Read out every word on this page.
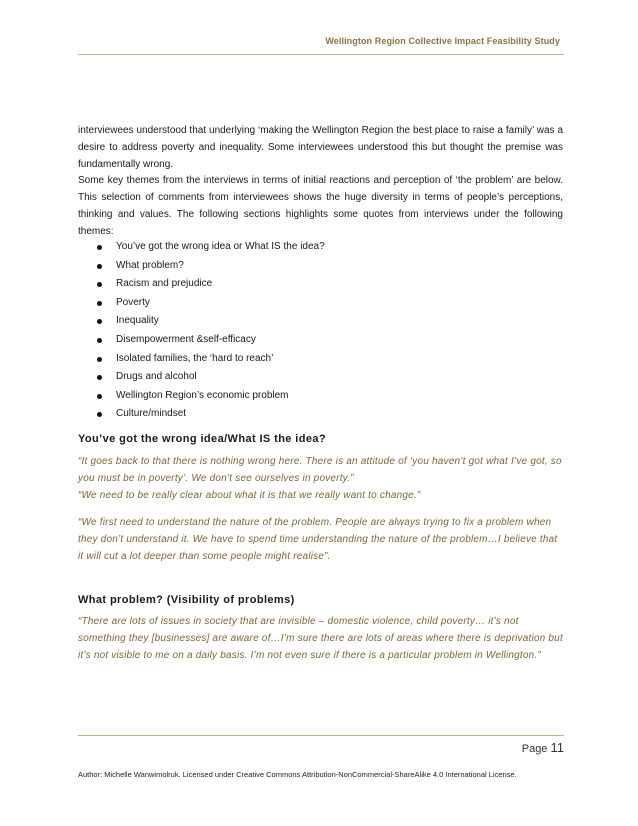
Wellington Region Collective Impact Feasibility Study

interviewees understood that underlying ‘making the Wellington Region the best place to raise a family’ was a desire to address poverty and inequality. Some interviewees understood this but thought the premise was fundamentally wrong.

Some key themes from the interviews in terms of initial reactions and perception of ‘the problem’ are below. This selection of comments from interviewees shows the huge diversity in terms of people’s perceptions, thinking and values. The following sections highlights some quotes from interviews under the following themes:

You’ve got the wrong idea or What IS the idea?
What problem?
Racism and prejudice
Poverty
Inequality
Disempowerment &self-efficacy
Isolated families, the ‘hard to reach’
Drugs and alcohol
Wellington Region’s economic problem
Culture/mindset
You’ve got the wrong idea/What IS the idea?

“It goes back to that there is nothing wrong here. There is an attitude of ‘you haven’t got what I’ve got, so you must be in poverty’. We don’t see ourselves in poverty.”

“We need to be really clear about what it is that we really want to change.”

“We first need to understand the nature of the problem. People are always trying to fix a problem when they don’t understand it. We have to spend time understanding the nature of the problem…I believe that it will cut a lot deeper than some people might realise”.

What problem? (Visibility of problems)

“There are lots of issues in society that are invisible – domestic violence, child poverty… it’s not something they [businesses] are aware of…I’m sure there are lots of areas where there is deprivation but it’s not visible to me on a daily basis. I’m not even sure if there is a particular problem in Wellington.”

Page 11
Author: Michelle Wanwimolruk. Licensed under Creative Commons Attribution-NonCommercial-ShareAlike 4.0 International License.
